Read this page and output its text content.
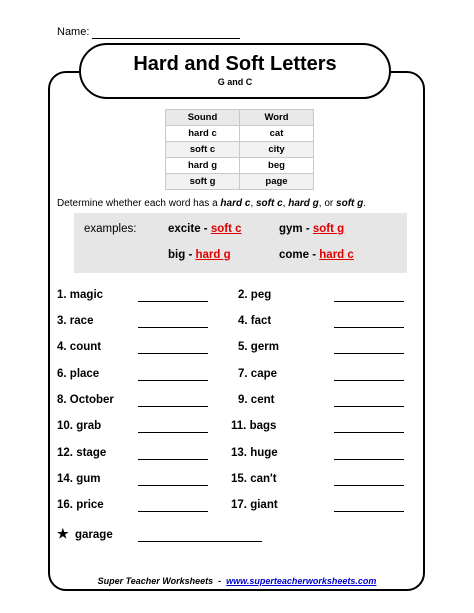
Name:
Hard and Soft Letters
G and C
Sound	Word
hard c	cat
soft c	city
hard g	beg
soft g	page
Determine whether each word has a hard c, soft c, hard g, or soft g.
examples:	excite - soft c	gym - soft g
big - hard g	come - hard c
1. magic
3. race
4. count
6. place
8. October
10. grab
12. stage
14. gum
16. price
2. peg
4. fact
5. germ
7. cape
9. cent
11. bags
13. huge
15. can't
17. giant
★ garage
Super Teacher Worksheets  -  www.superteacherworksheets.com
